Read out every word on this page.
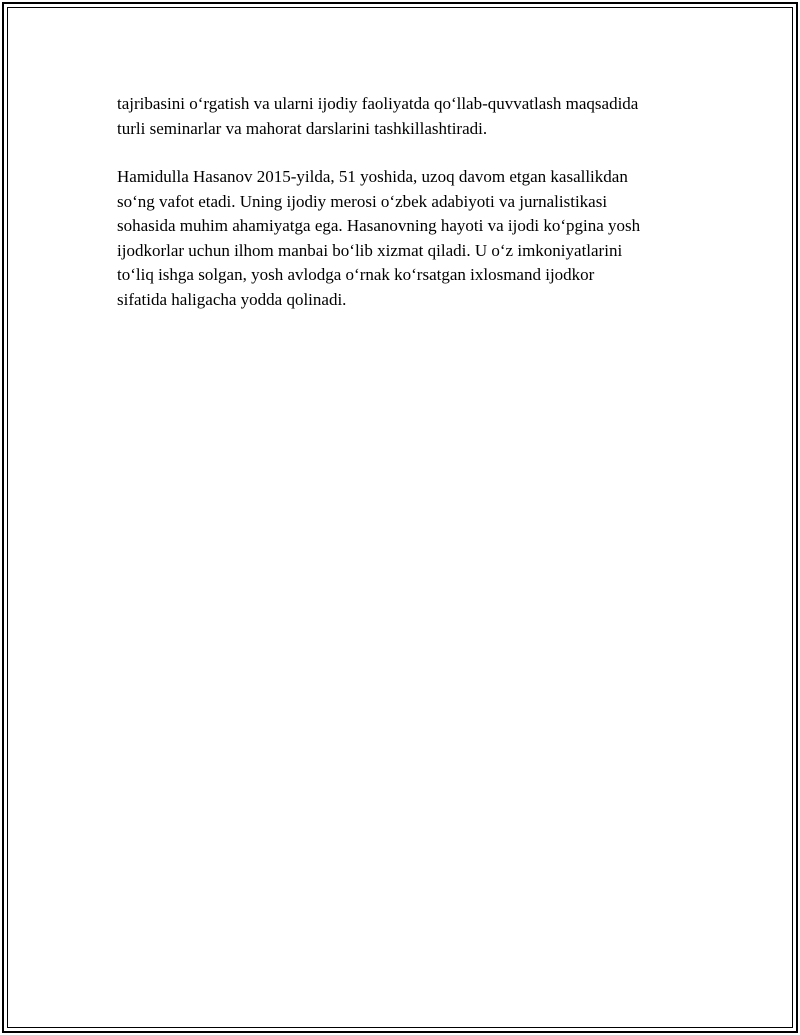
tajribasini oʻrgatish va ularni ijodiy faoliyatda qoʻllab-quvvatlash maqsadida
turli seminarlar va mahorat darslarini tashkillashtiradi.

Hamidulla Hasanov 2015-yilda, 51 yoshida, uzoq davom etgan kasallikdan
soʻng vafot etadi. Uning ijodiy merosi oʻzbek adabiyoti va jurnalistikasi
sohasida muhim ahamiyatga ega. Hasanovning hayoti va ijodi koʻpgina yosh
ijodkorlar uchun ilhom manbai boʻlib xizmat qiladi. U oʻz imkoniyatlarini
toʻliq ishga solgan, yosh avlodga oʻrnak koʻrsatgan ixlosmand ijodkor
sifatida haligacha yodda qolinadi.
